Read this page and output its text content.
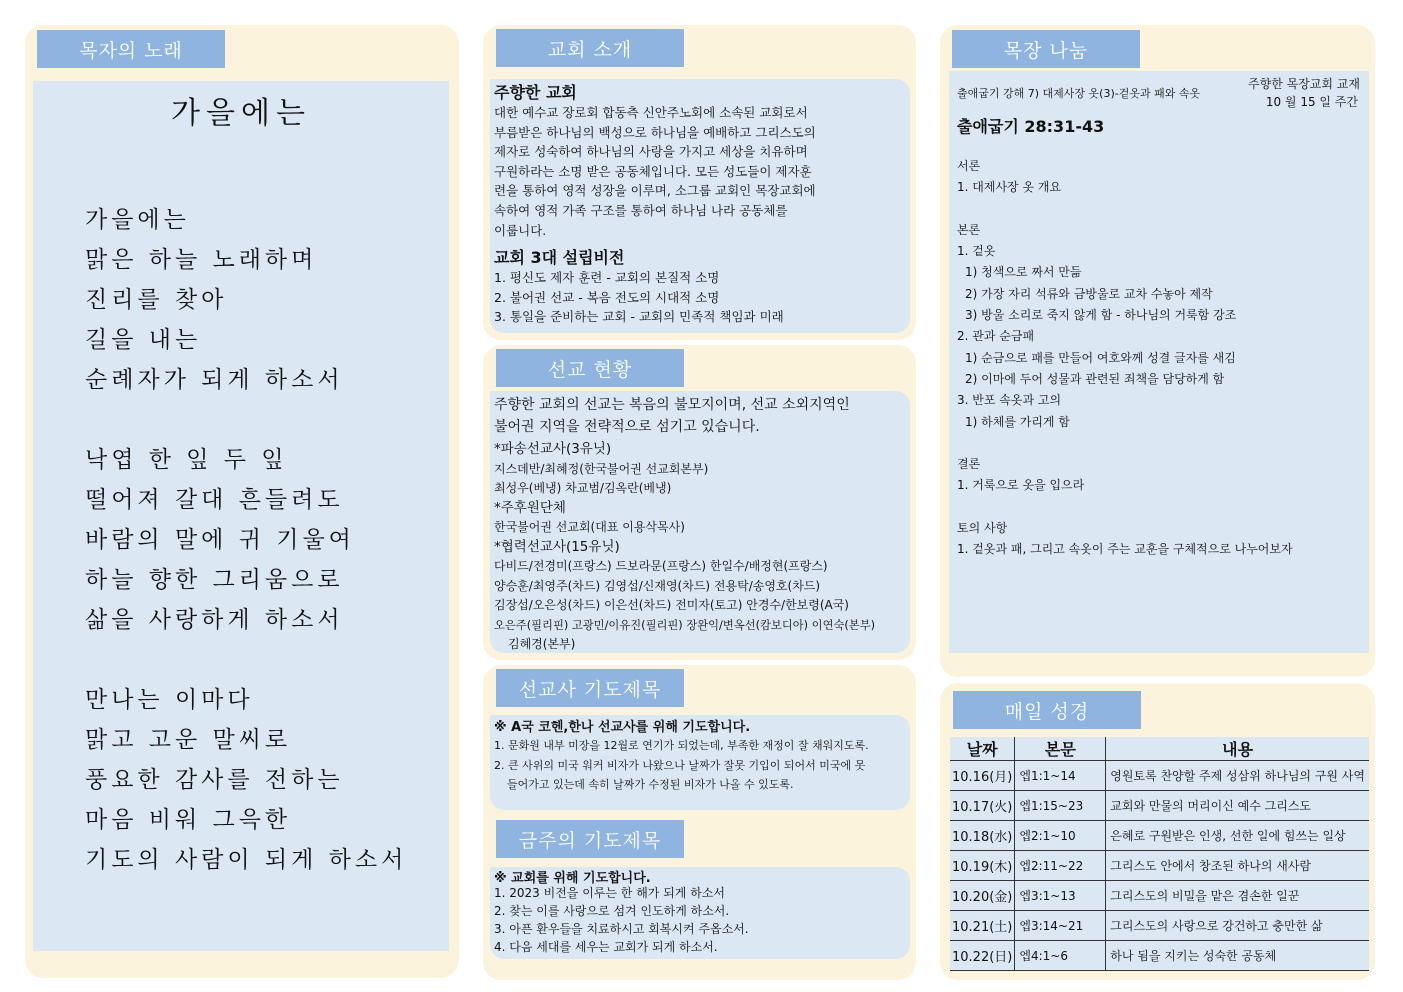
목자의 노래
가을에는
가을에는
맑은 하늘 노래하며
진리를 찾아
길을 내는
순례자가 되게 하소서
낙엽 한 잎 두 잎
떨어져 갈대 흔들려도
바람의 말에 귀 기울여
하늘 향한 그리움으로
삶을 사랑하게 하소서
만나는 이마다
맑고 고운 말씨로
풍요한 감사를 전하는
마음 비워 그윽한
기도의 사람이 되게 하소서
교회 소개
주향한 교회
대한 예수교 장로회 합동측 신안주노회에 소속된 교회로서
부름받은 하나님의 백성으로 하나님을 예배하고 그리스도의
제자로 성숙하여 하나님의 사랑을 가지고 세상을 치유하며
구원하라는 소명 받은 공동체입니다. 모든 성도들이 제자훈
련을 통하여 영적 성장을 이루며, 소그룹 교회인 목장교회에
속하여 영적 가족 구조를 통하여 하나님 나라 공동체를
이룹니다.
교회 3대 설립비전
1. 평신도 제자 훈련 - 교회의 본질적 소명
2. 불어권 선교 - 복음 전도의 시대적 소명
3. 통일을 준비하는 교회 - 교회의 민족적 책임과 미래
선교 현황
주향한 교회의 선교는 복음의 불모지이며, 선교 소외지역인
불어권 지역을 전략적으로 섬기고 있습니다.
*파송선교사(3유닛)
지스데반/최혜정(한국불어권 선교회본부)
최성우(베냉) 차교범/김옥란(베냉)
*주후원단체
한국불어권 선교회(대표 이용삭목사)
*협력선교사(15유닛)
다비드/전경미(프랑스) 드보라문(프랑스) 한일수/배정현(프랑스)
양승훈/최영주(차드) 김영섭/신재영(차드) 전용탁/송영호(차드)
김장섭/오은성(차드) 이은선(차드) 전미자(토고) 안경수/한보령(A국)
오은주(필리핀) 고광민/이유진(필리핀) 장완익/변옥선(캄보디아) 이연숙(본부)
김혜경(본부)
선교사 기도제목
※ A국 코헨,한나 선교사를 위해 기도합니다.
1. 문화원 내부 미장을 12월로 연기가 되었는데, 부족한 재정이 잘 채워지도록.
2. 큰 사위의 미국 워커 비자가 나왔으나 날짜가 잘못 기입이 되어서 미국에 못
들어가고 있는데 속히 날짜가 수정된 비자가 나올 수 있도록.
금주의 기도제목
※ 교회를 위해 기도합니다.
1. 2023 비전을 이루는 한 해가 되게 하소서
2. 찾는 이를 사랑으로 섬겨 인도하게 하소서.
3. 아픈 환우들을 치료하시고 회복시켜 주옵소서.
4. 다음 세대를 세우는 교회가 되게 하소서.
목장 나눔
출애굽기 강해 7) 대제사장 옷(3)-겉옷과 패와 속옷
주향한 목장교회 교재
10 월 15 일 주간
출애굽기 28:31-43
서론
1. 대제사장 옷 개요
본론
1. 겉옷
1) 청색으로 짜서 만듦
2) 가장 자리 석류와 금방울로 교차 수놓아 제작
3) 방울 소리로 죽지 않게 함 - 하나님의 거룩함 강조
2. 관과 순금패
1) 순금으로 패를 만들어 여호와께 성결 글자를 새김
2) 이마에 두어 성물과 관련된 죄책을 담당하게 함
3. 반포 속옷과 고의
1) 하체를 가리게 함
결론
1. 거룩으로 옷을 입으라
토의 사항
1. 겉옷과 패, 그리고 속옷이 주는 교훈을 구체적으로 나누어보자
매일 성경
날짜	본문	내용
10.16(月)	엡1:1~14	영원토록 찬양할 주제 성삼위 하나님의 구원 사역
10.17(火)	엡1:15~23	교회와 만물의 머리이신 예수 그리스도
10.18(水)	엡2:1~10	은혜로 구원받은 인생, 선한 일에 힘쓰는 일상
10.19(木)	엡2:11~22	그리스도 안에서 창조된 하나의 새사람
10.20(金)	엡3:1~13	그리스도의 비밀을 맡은 겸손한 일꾼
10.21(土)	엡3:14~21	그리스도의 사랑으로 강건하고 충만한 삶
10.22(日)	엡4:1~6	하나 됨을 지키는 성숙한 공동체
